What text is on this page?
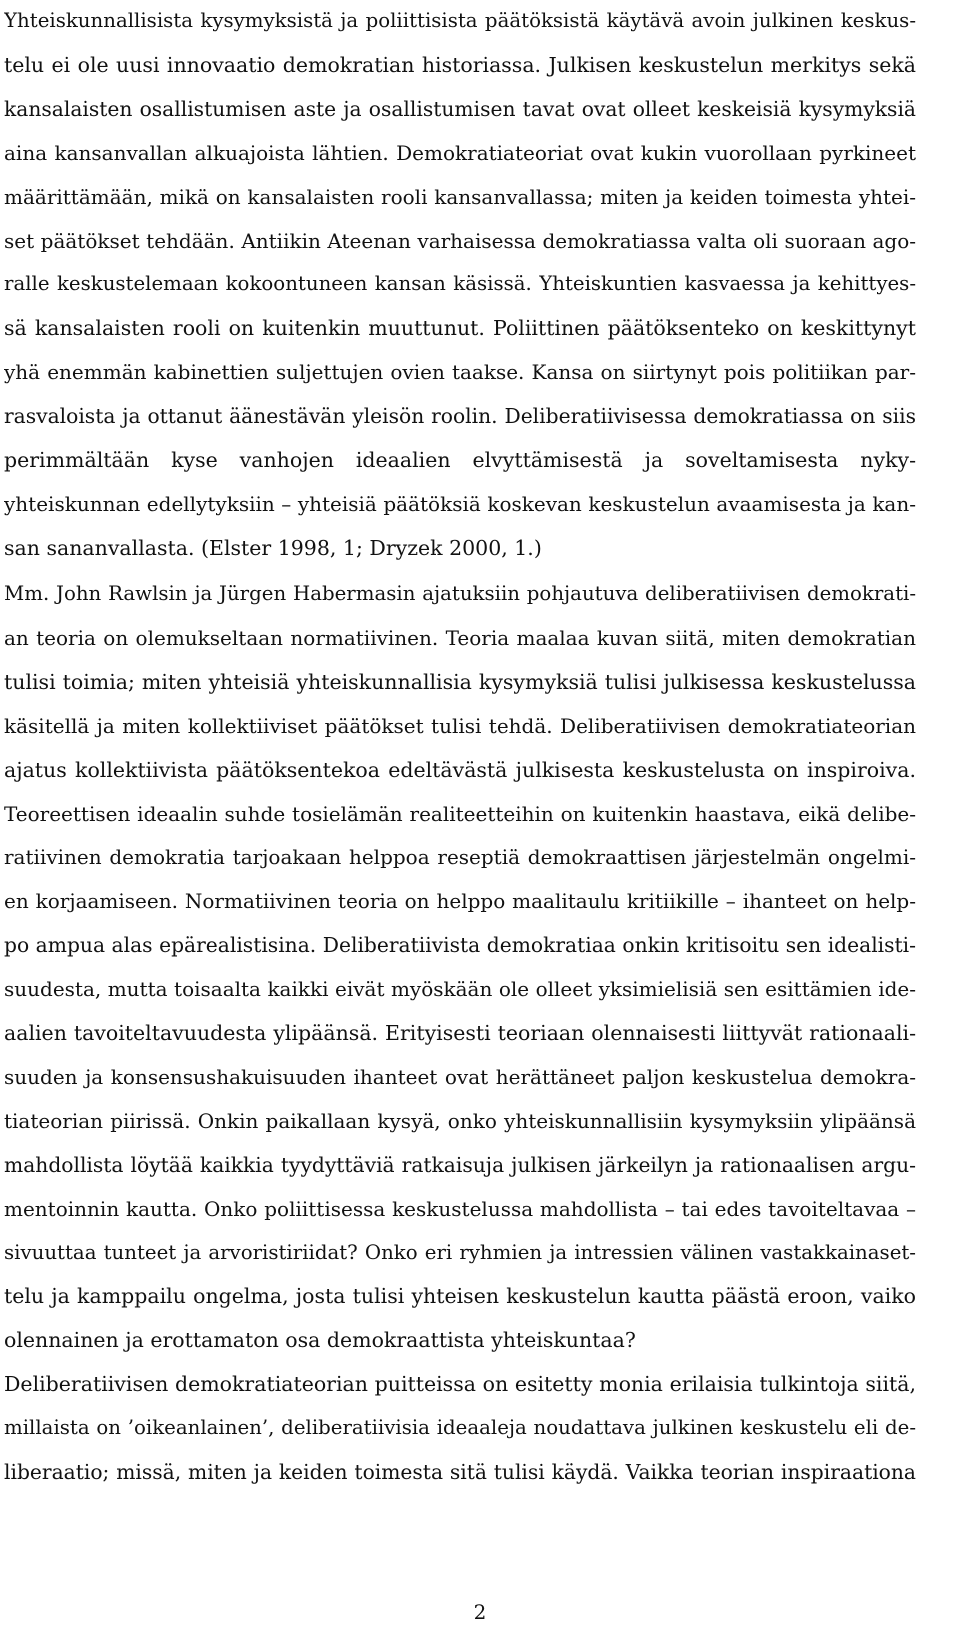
Yhteiskunnallisista kysymyksistä ja poliittisista päätöksistä käytävä avoin julkinen keskus-
telu ei ole uusi innovaatio demokratian historiassa. Julkisen keskustelun merkitys sekä
kansalaisten osallistumisen aste ja osallistumisen tavat ovat olleet keskeisiä kysymyksiä
aina kansanvallan alkuajoista lähtien. Demokratiateoriat ovat kukin vuorollaan pyrkineet
määrittämään, mikä on kansalaisten rooli kansanvallassa; miten ja keiden toimesta yhtei-
set päätökset tehdään. Antiikin Ateenan varhaisessa demokratiassa valta oli suoraan ago-
ralle keskustelemaan kokoontuneen kansan käsissä. Yhteiskuntien kasvaessa ja kehittyes-
sä kansalaisten rooli on kuitenkin muuttunut. Poliittinen päätöksenteko on keskittynyt
yhä enemmän kabinettien suljettujen ovien taakse. Kansa on siirtynyt pois politiikan par-
rasvaloista ja ottanut äänestävän yleisön roolin. Deliberatiivisessa demokratiassa on siis
perimmältään kyse vanhojen ideaalien elvyttämisestä ja soveltamisesta nyky-
yhteiskunnan edellytyksiin – yhteisiä päätöksiä koskevan keskustelun avaamisesta ja kan-
san sananvallasta. (Elster 1998, 1; Dryzek 2000, 1.)
Mm. John Rawlsin ja Jürgen Habermasin ajatuksiin pohjautuva deliberatiivisen demokrati-
an teoria on olemukseltaan normatiivinen. Teoria maalaa kuvan siitä, miten demokratian
tulisi toimia; miten yhteisiä yhteiskunnallisia kysymyksiä tulisi julkisessa keskustelussa
käsitellä ja miten kollektiiviset päätökset tulisi tehdä. Deliberatiivisen demokratiateorian
ajatus kollektiivista päätöksentekoa edeltävästä julkisesta keskustelusta on inspiroiva.
Teoreettisen ideaalin suhde tosielämän realiteetteihin on kuitenkin haastava, eikä delibe-
ratiivinen demokratia tarjoakaan helppoa reseptiä demokraattisen järjestelmän ongelmi-
en korjaamiseen. Normatiivinen teoria on helppo maalitaulu kritiikille – ihanteet on help-
po ampua alas epärealistisina. Deliberatiivista demokratiaa onkin kritisoitu sen idealisti-
suudesta, mutta toisaalta kaikki eivät myöskään ole olleet yksimielisiä sen esittämien ide-
aalien tavoiteltavuudesta ylipäänsä. Erityisesti teoriaan olennaisesti liittyvät rationaali-
suuden ja konsensushakuisuuden ihanteet ovat herättäneet paljon keskustelua demokra-
tiateorian piirissä. Onkin paikallaan kysyä, onko yhteiskunnallisiin kysymyksiin ylipäänsä
mahdollista löytää kaikkia tyydyttäviä ratkaisuja julkisen järkeilyn ja rationaalisen argu-
mentoinnin kautta. Onko poliittisessa keskustelussa mahdollista – tai edes tavoiteltavaa –
sivuuttaa tunteet ja arvoristiriidat? Onko eri ryhmien ja intressien välinen vastakkainaset-
telu ja kamppailu ongelma, josta tulisi yhteisen keskustelun kautta päästä eroon, vaiko
olennainen ja erottamaton osa demokraattista yhteiskuntaa?
Deliberatiivisen demokratiateorian puitteissa on esitetty monia erilaisia tulkintoja siitä,
millaista on ’oikeanlainen’, deliberatiivisia ideaaleja noudattava julkinen keskustelu eli de-
liberaatio; missä, miten ja keiden toimesta sitä tulisi käydä. Vaikka teorian inspiraationa
2
